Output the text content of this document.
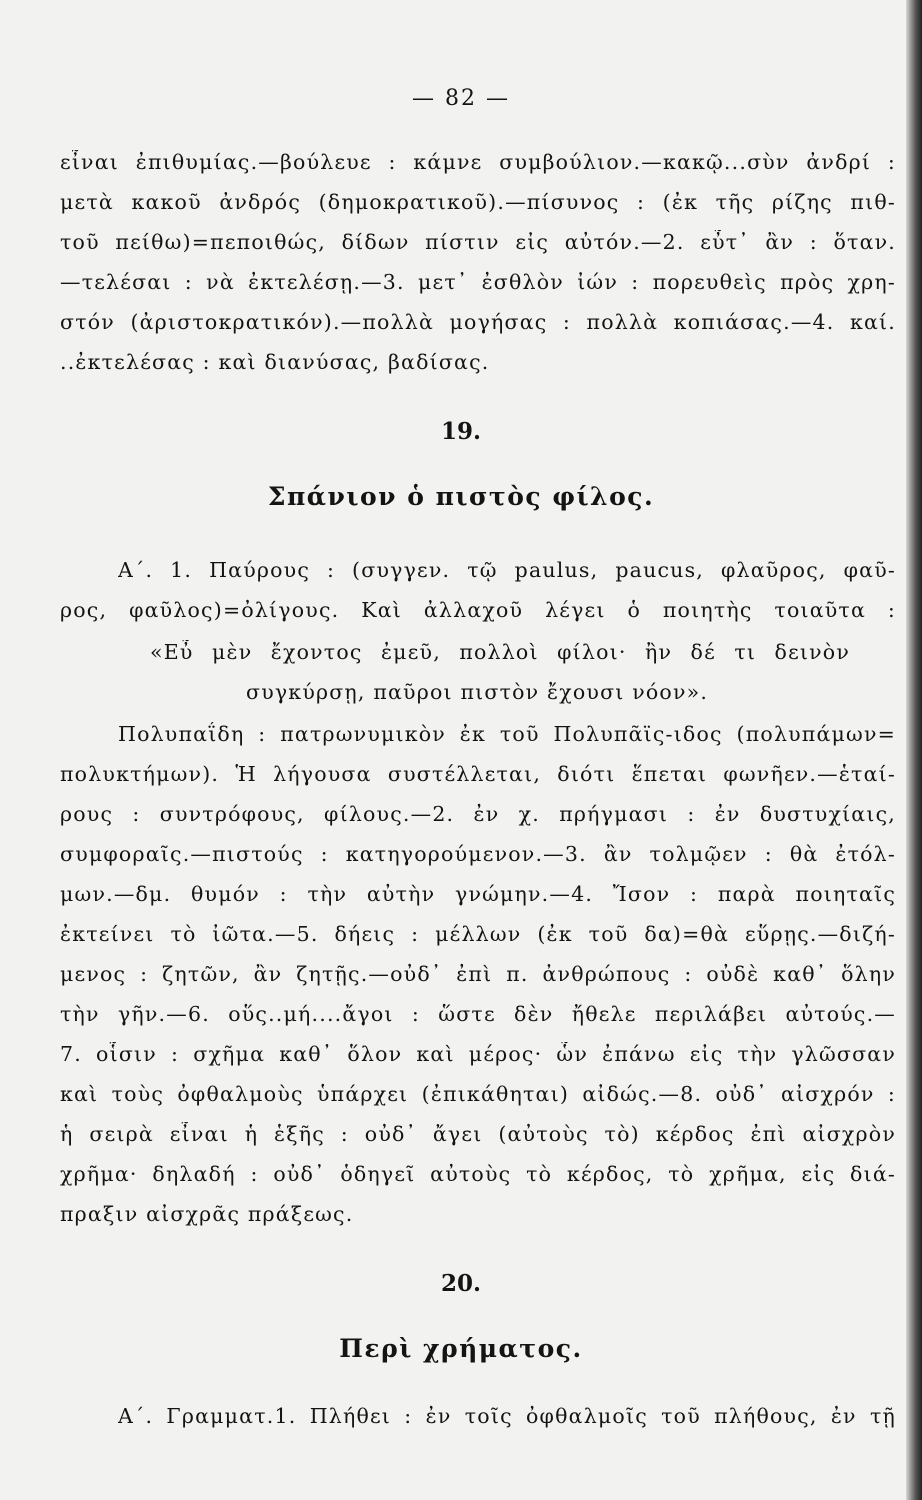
— 82 —
εἶναι ἐπιθυμίας.—βούλευε : κάμνε συμβούλιον.—κακῷ...σὺν ἀνδρί :
μετὰ κακοῦ ἀνδρός (δημοκρατικοῦ).—πίσυνος : (ἐκ τῆς ρίζης πιθ-
τοῦ πείθω)=πεποιθώς, δίδων πίστιν εἰς αὐτόν.—2. εὖτ᾿ ἂν : ὅταν.
—τελέσαι : νὰ ἐκτελέσῃ.—3. μετ᾿ ἐσθλὸν ἰών : πορευθεὶς πρὸς χρη-
στόν (ἀριστοκρατικόν).—πολλὰ μογήσας : πολλὰ κοπιάσας.—4. καί.
..ἐκτελέσας : καὶ διανύσας, βαδίσας.
19.
Σπάνιον ὁ πιστὸς φίλος.
Α΄. 1. Παύρους : (συγγεν. τῷ paulus, paucus, φλαῦρος, φαῦ-
ρος, φαῦλος)=ὀλίγους. Καὶ ἀλλαχοῦ λέγει ὁ ποιητὴς τοιαῦτα :
«Εὖ μὲν ἔχοντος ἐμεῦ, πολλοὶ φίλοι· ἢν δέ τι δεινὸν
συγκύρσῃ, παῦροι πιστὸν ἔχουσι νόον».
Πολυπαΐδη : πατρωνυμικὸν ἐκ τοῦ Πολυπᾶϊς-ιδος (πολυπάμων=
πολυκτήμων). Ἡ λήγουσα συστέλλεται, διότι ἕπεται φωνῆεν.—ἑταί-
ρους : συντρόφους, φίλους.—2. ἐν χ. πρήγμασι : ἐν δυστυχίαις,
συμφοραῖς.—πιστούς : κατηγορούμενον.—3. ἂν τολμῷεν : θὰ ἐτόλ-
μων.—δμ. θυμόν : τὴν αὐτὴν γνώμην.—4. Ἴσον : παρὰ ποιηταῖς
ἐκτείνει τὸ ἰῶτα.—5. δήεις : μέλλων (ἐκ τοῦ δα)=θὰ εὕρῃς.—διζή-
μενος : ζητῶν, ἂν ζητῇς.—οὐδ᾿ ἐπὶ π. ἀνθρώπους : οὐδὲ καθ᾿ ὅλην
τὴν γῆν.—6. οὕς..μή....ἄγοι : ὥστε δὲν ἤθελε περιλάβει αὐτούς.—
7. οἷσιν : σχῆμα καθ᾿ ὅλον καὶ μέρος· ὧν ἐπάνω εἰς τὴν γλῶσσαν
καὶ τοὺς ὀφθαλμοὺς ὑπάρχει (ἐπικάθηται) αἰδώς.—8. οὐδ᾿ αἰσχρόν :
ἡ σειρὰ εἶναι ἡ ἑξῆς : οὐδ᾿ ἄγει (αὐτοὺς τὸ) κέρδος ἐπὶ αἰσχρὸν
χρῆμα· δηλαδή : οὐδ᾿ ὁδηγεῖ αὐτοὺς τὸ κέρδος, τὸ χρῆμα, εἰς διά-
πραξιν αἰσχρᾶς πράξεως.
20.
Περὶ χρήματος.
Α΄. Γραμματ.1. Πλήθει : ἐν τοῖς ὀφθαλμοῖς τοῦ πλήθους, ἐν τῇ
